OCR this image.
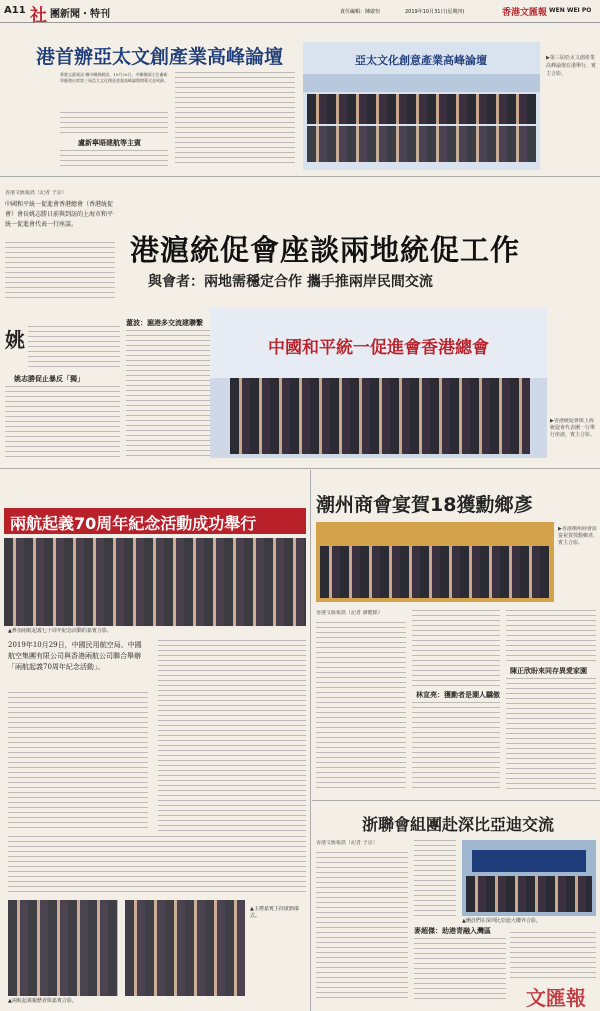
A11 社 團新聞・特刊	責任編輯：陳啟恒	2019年10月31日(星期四)	香港文匯報 WEN WEI PO
港首辦亞太文創產業高峰論壇
香港文匯報訊 據中聯辦網訊，10月20日，中聯辦副主任盧新寧應邀出席第三屆亞太文化創意產業高峰論壇開幕式並致辭。
盧新寧晤建航等主賓
亞太文化創意產業高峰論壇	▶第三屆亞太文創產業高峰論壇在港舉行，賓主合影。
港滬統促會座談兩地統促工作
與會者：兩地需穩定合作 攜手推兩岸民間交流
香港文匯報訊（記者 子京）
中國和平統一促進會香港總會（香港統促會）會長姚志勝日前與到訪的上海市和平統一促進會代表一行座談。
姚
姚志勝促止暴反「獨」
董波：滬港多交流建聯繫
中國和平統一促進會香港總會
▶香港統促會與上海統促會代表團一行舉行座談，賓主合影。
兩航起義70周年紀念活動成功舉行
▲參加兩航起義七十周年紀念活動的嘉賓合影。
2019年10月29日，中國民用航空局、中國航空集團有限公司與香港兩航公司聯合舉辦「兩航起義70周年紀念活動」。
▲兩航起義親歷者與嘉賓合影。
▲主禮嘉賓主持啟動儀式。
潮州商會宴賀18獲勳鄉彥
▶香港潮州商會設宴祝賀授勳鄉彥，賓主合影。
香港文匯報訊（記者 譚健銘）
林宣亮：獲勳者是潮人驕傲
陳正欣盼來同存異愛家園
浙聯會組團赴深比亞迪交流
香港文匯報訊（記者 子京）
▲團員們在深圳比亞迪大樓外合影。
麥超傑：助港青融入灣區
文匯報
